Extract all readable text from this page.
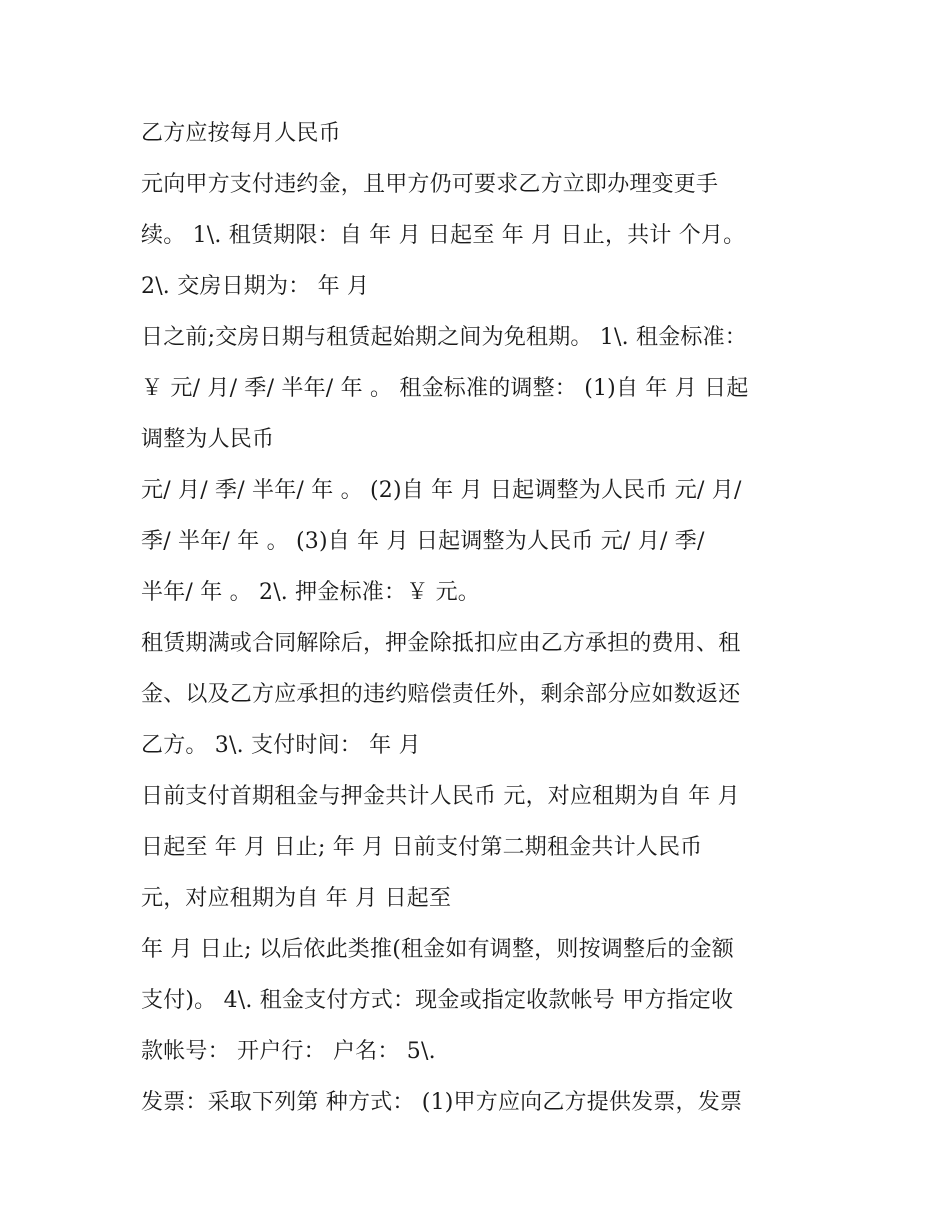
乙方应按每月人民币
元向甲方支付违约金，且甲方仍可要求乙方立即办理变更手
续。 1\. 租赁期限：自 年 月 日起至 年 月 日止，共计 个月。
2\. 交房日期为： 年 月
日之前;交房日期与租赁起始期之间为免租期。 1\. 租金标准：
￥ 元/ 月/ 季/ 半年/ 年 。 租金标准的调整： (1)自 年 月 日起
调整为人民币
元/ 月/ 季/ 半年/ 年 。 (2)自 年 月 日起调整为人民币 元/ 月/
季/ 半年/ 年 。 (3)自 年 月 日起调整为人民币 元/ 月/ 季/
半年/ 年 。 2\. 押金标准：￥ 元。
租赁期满或合同解除后，押金除抵扣应由乙方承担的费用、租
金、以及乙方应承担的违约赔偿责任外，剩余部分应如数返还
乙方。 3\. 支付时间： 年 月
日前支付首期租金与押金共计人民币 元，对应租期为自 年 月
日起至 年 月 日止; 年 月 日前支付第二期租金共计人民币
元，对应租期为自 年 月 日起至
年 月 日止; 以后依此类推(租金如有调整，则按调整后的金额
支付)。 4\. 租金支付方式：现金或指定收款帐号 甲方指定收
款帐号： 开户行： 户名： 5\.
发票：采取下列第 种方式： (1)甲方应向乙方提供发票，发票
